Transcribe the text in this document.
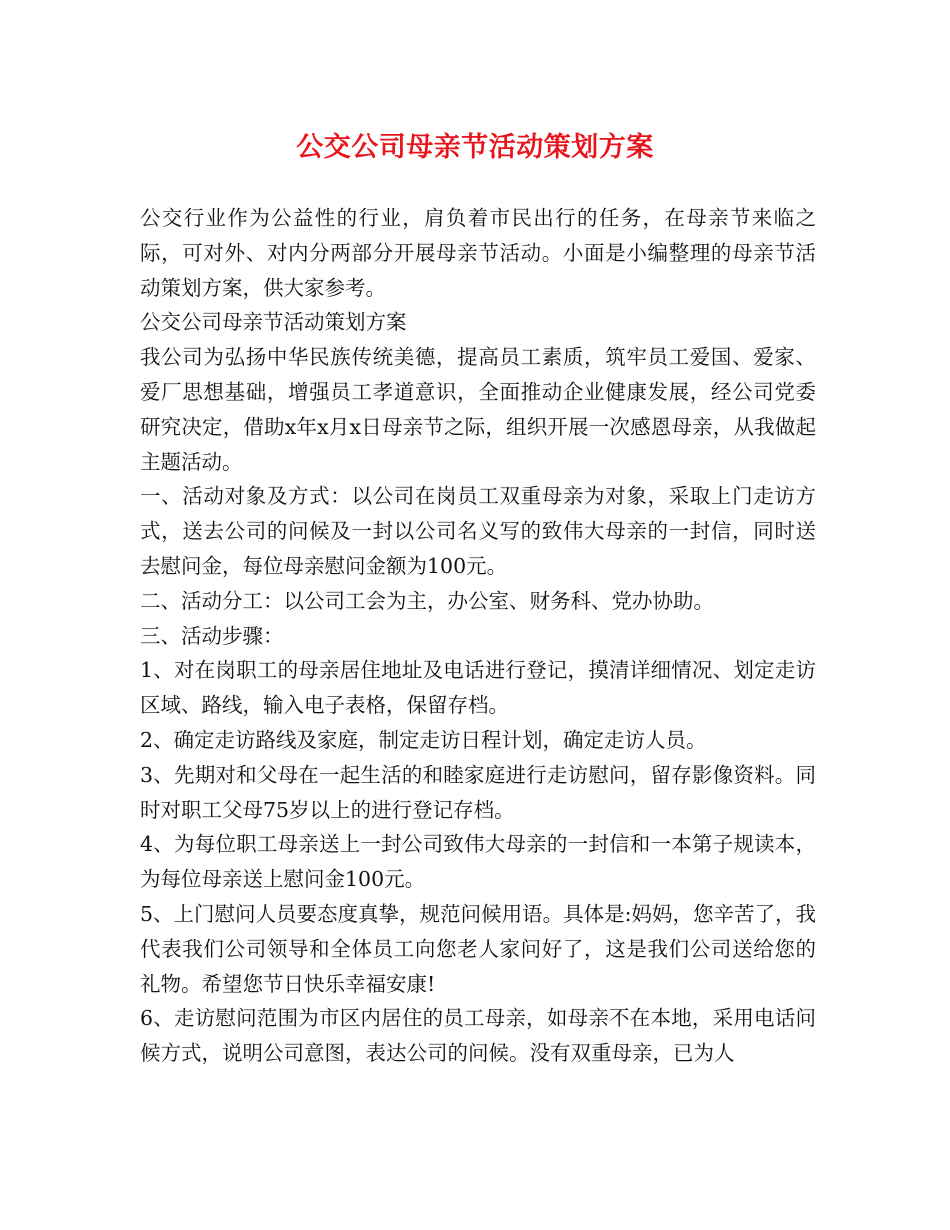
公交公司母亲节活动策划方案

公交行业作为公益性的行业，肩负着市民出行的任务，在母亲节来临之际，可对外、对内分两部分开展母亲节活动。小面是小编整理的母亲节活动策划方案，供大家参考。

公交公司母亲节活动策划方案

我公司为弘扬中华民族传统美德，提高员工素质，筑牢员工爱国、爱家、爱厂思想基础，增强员工孝道意识，全面推动企业健康发展，经公司党委研究决定，借助x年x月x日母亲节之际，组织开展一次感恩母亲，从我做起主题活动。

一、活动对象及方式：以公司在岗员工双重母亲为对象，采取上门走访方式，送去公司的问候及一封以公司名义写的致伟大母亲的一封信，同时送去慰问金，每位母亲慰问金额为100元。

二、活动分工：以公司工会为主，办公室、财务科、党办协助。

三、活动步骤：

1、对在岗职工的母亲居住地址及电话进行登记，摸清详细情况、划定走访区域、路线，输入电子表格，保留存档。

2、确定走访路线及家庭，制定走访日程计划，确定走访人员。

3、先期对和父母在一起生活的和睦家庭进行走访慰问，留存影像资料。同时对职工父母75岁以上的进行登记存档。

4、为每位职工母亲送上一封公司致伟大母亲的一封信和一本第子规读本，为每位母亲送上慰问金100元。

5、上门慰问人员要态度真挚，规范问候用语。具体是:妈妈，您辛苦了，我代表我们公司领导和全体员工向您老人家问好了，这是我们公司送给您的礼物。希望您节日快乐幸福安康!

6、走访慰问范围为市区内居住的员工母亲，如母亲不在本地，采用电话问候方式，说明公司意图，表达公司的问候。没有双重母亲，已为人
